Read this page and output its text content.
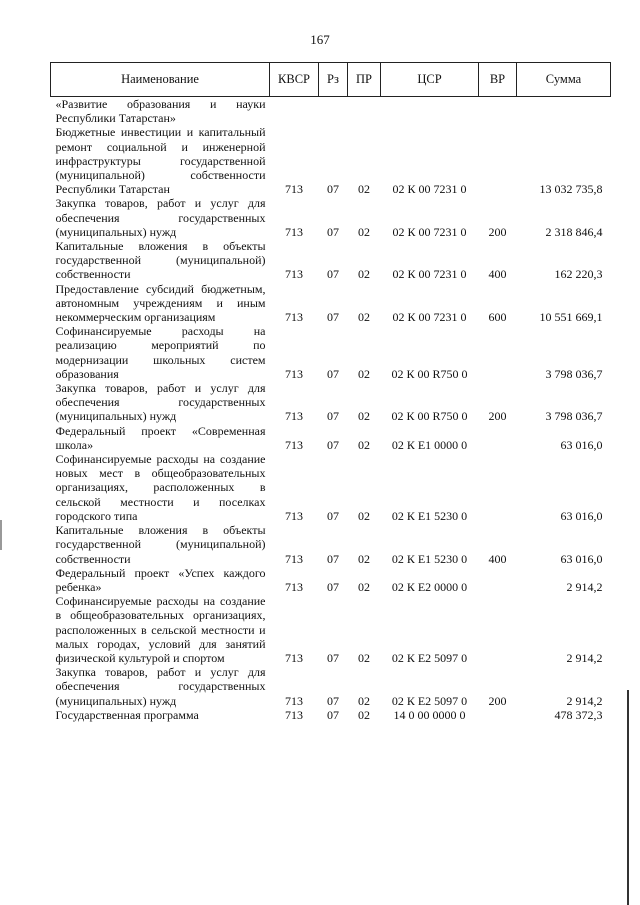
167
Наименование	КВСР	Рз	ПР	ЦСР	ВР	Сумма
«Развитие образования и науки Республики Татарстан»						
Бюджетные инвестиции и капитальный ремонт социальной и инженерной инфраструктуры государственной (муниципальной) собственности Республики Татарстан	713	07	02	02 К 00 7231 0		13 032 735,8
Закупка товаров, работ и услуг для обеспечения государственных (муниципальных) нужд	713	07	02	02 К 00 7231 0	200	2 318 846,4
Капитальные вложения в объекты государственной (муниципальной) собственности	713	07	02	02 К 00 7231 0	400	162 220,3
Предоставление субсидий бюджетным, автономным учреждениям и иным некоммерческим организациям	713	07	02	02 К 00 7231 0	600	10 551 669,1
Софинансируемые расходы на реализацию мероприятий по модернизации школьных систем образования	713	07	02	02 К 00 R750 0		3 798 036,7
Закупка товаров, работ и услуг для обеспечения государственных (муниципальных) нужд	713	07	02	02 К 00 R750 0	200	3 798 036,7
Федеральный проект «Современная школа»	713	07	02	02 К Е1 0000 0		63 016,0
Софинансируемые расходы на создание новых мест в общеобразовательных организациях, расположенных в сельской местности и поселках городского типа	713	07	02	02 К Е1 5230 0		63 016,0
Капитальные вложения в объекты государственной (муниципальной) собственности	713	07	02	02 К Е1 5230 0	400	63 016,0
Федеральный проект «Успех каждого ребенка»	713	07	02	02 К Е2 0000 0		2 914,2
Софинансируемые расходы на создание в общеобразовательных организациях, расположенных в сельской местности и малых городах, условий для занятий физической культурой и спортом	713	07	02	02 К Е2 5097 0		2 914,2
Закупка товаров, работ и услуг для обеспечения государственных (муниципальных) нужд	713	07	02	02 К Е2 5097 0	200	2 914,2
Государственная программа	713	07	02	14 0 00 0000 0		478 372,3
